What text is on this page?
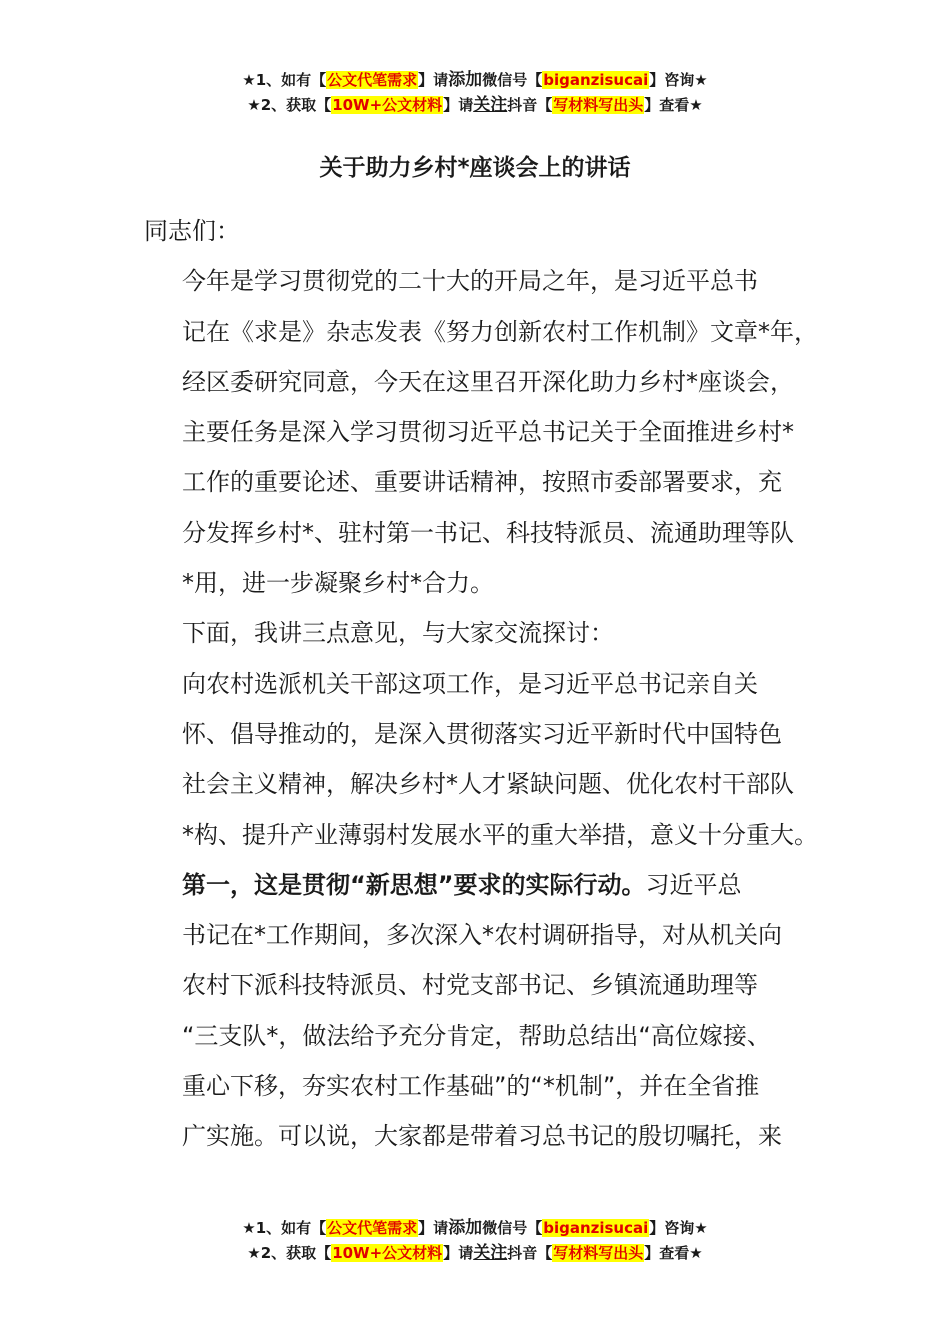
★1、如有【公文代笔需求】请添加微信号【biganzisucai】咨询★
★2、获取【10W+公文材料】请关注抖音【写材料写出头】查看★
关于助力乡村*座谈会上的讲话

同志们：

今年是学习贯彻党的二十大的开局之年，是习近平总书
记在《求是》杂志发表《努力创新农村工作机制》文章*年，
经区委研究同意，今天在这里召开深化助力乡村*座谈会，
主要任务是深入学习贯彻习近平总书记关于全面推进乡村*
工作的重要论述、重要讲话精神，按照市委部署要求，充
分发挥乡村*、驻村第一书记、科技特派员、流通助理等队
*用，进一步凝聚乡村*合力。

下面，我讲三点意见，与大家交流探讨：

向农村选派机关干部这项工作，是习近平总书记亲自关
怀、倡导推动的，是深入贯彻落实习近平新时代中国特色
社会主义精神，解决乡村*人才紧缺问题、优化农村干部队
*构、提升产业薄弱村发展水平的重大举措，意义十分重大。

第一，这是贯彻“新思想”要求的实际行动。习近平总
书记在*工作期间，多次深入*农村调研指导，对从机关向
农村下派科技特派员、村党支部书记、乡镇流通助理等
“三支队*，做法给予充分肯定，帮助总结出“高位嫁接、
重心下移，夯实农村工作基础”的“*机制”，并在全省推
广实施。可以说，大家都是带着习总书记的殷切嘱托，来

★1、如有【公文代笔需求】请添加微信号【biganzisucai】咨询★
★2、获取【10W+公文材料】请关注抖音【写材料写出头】查看★
